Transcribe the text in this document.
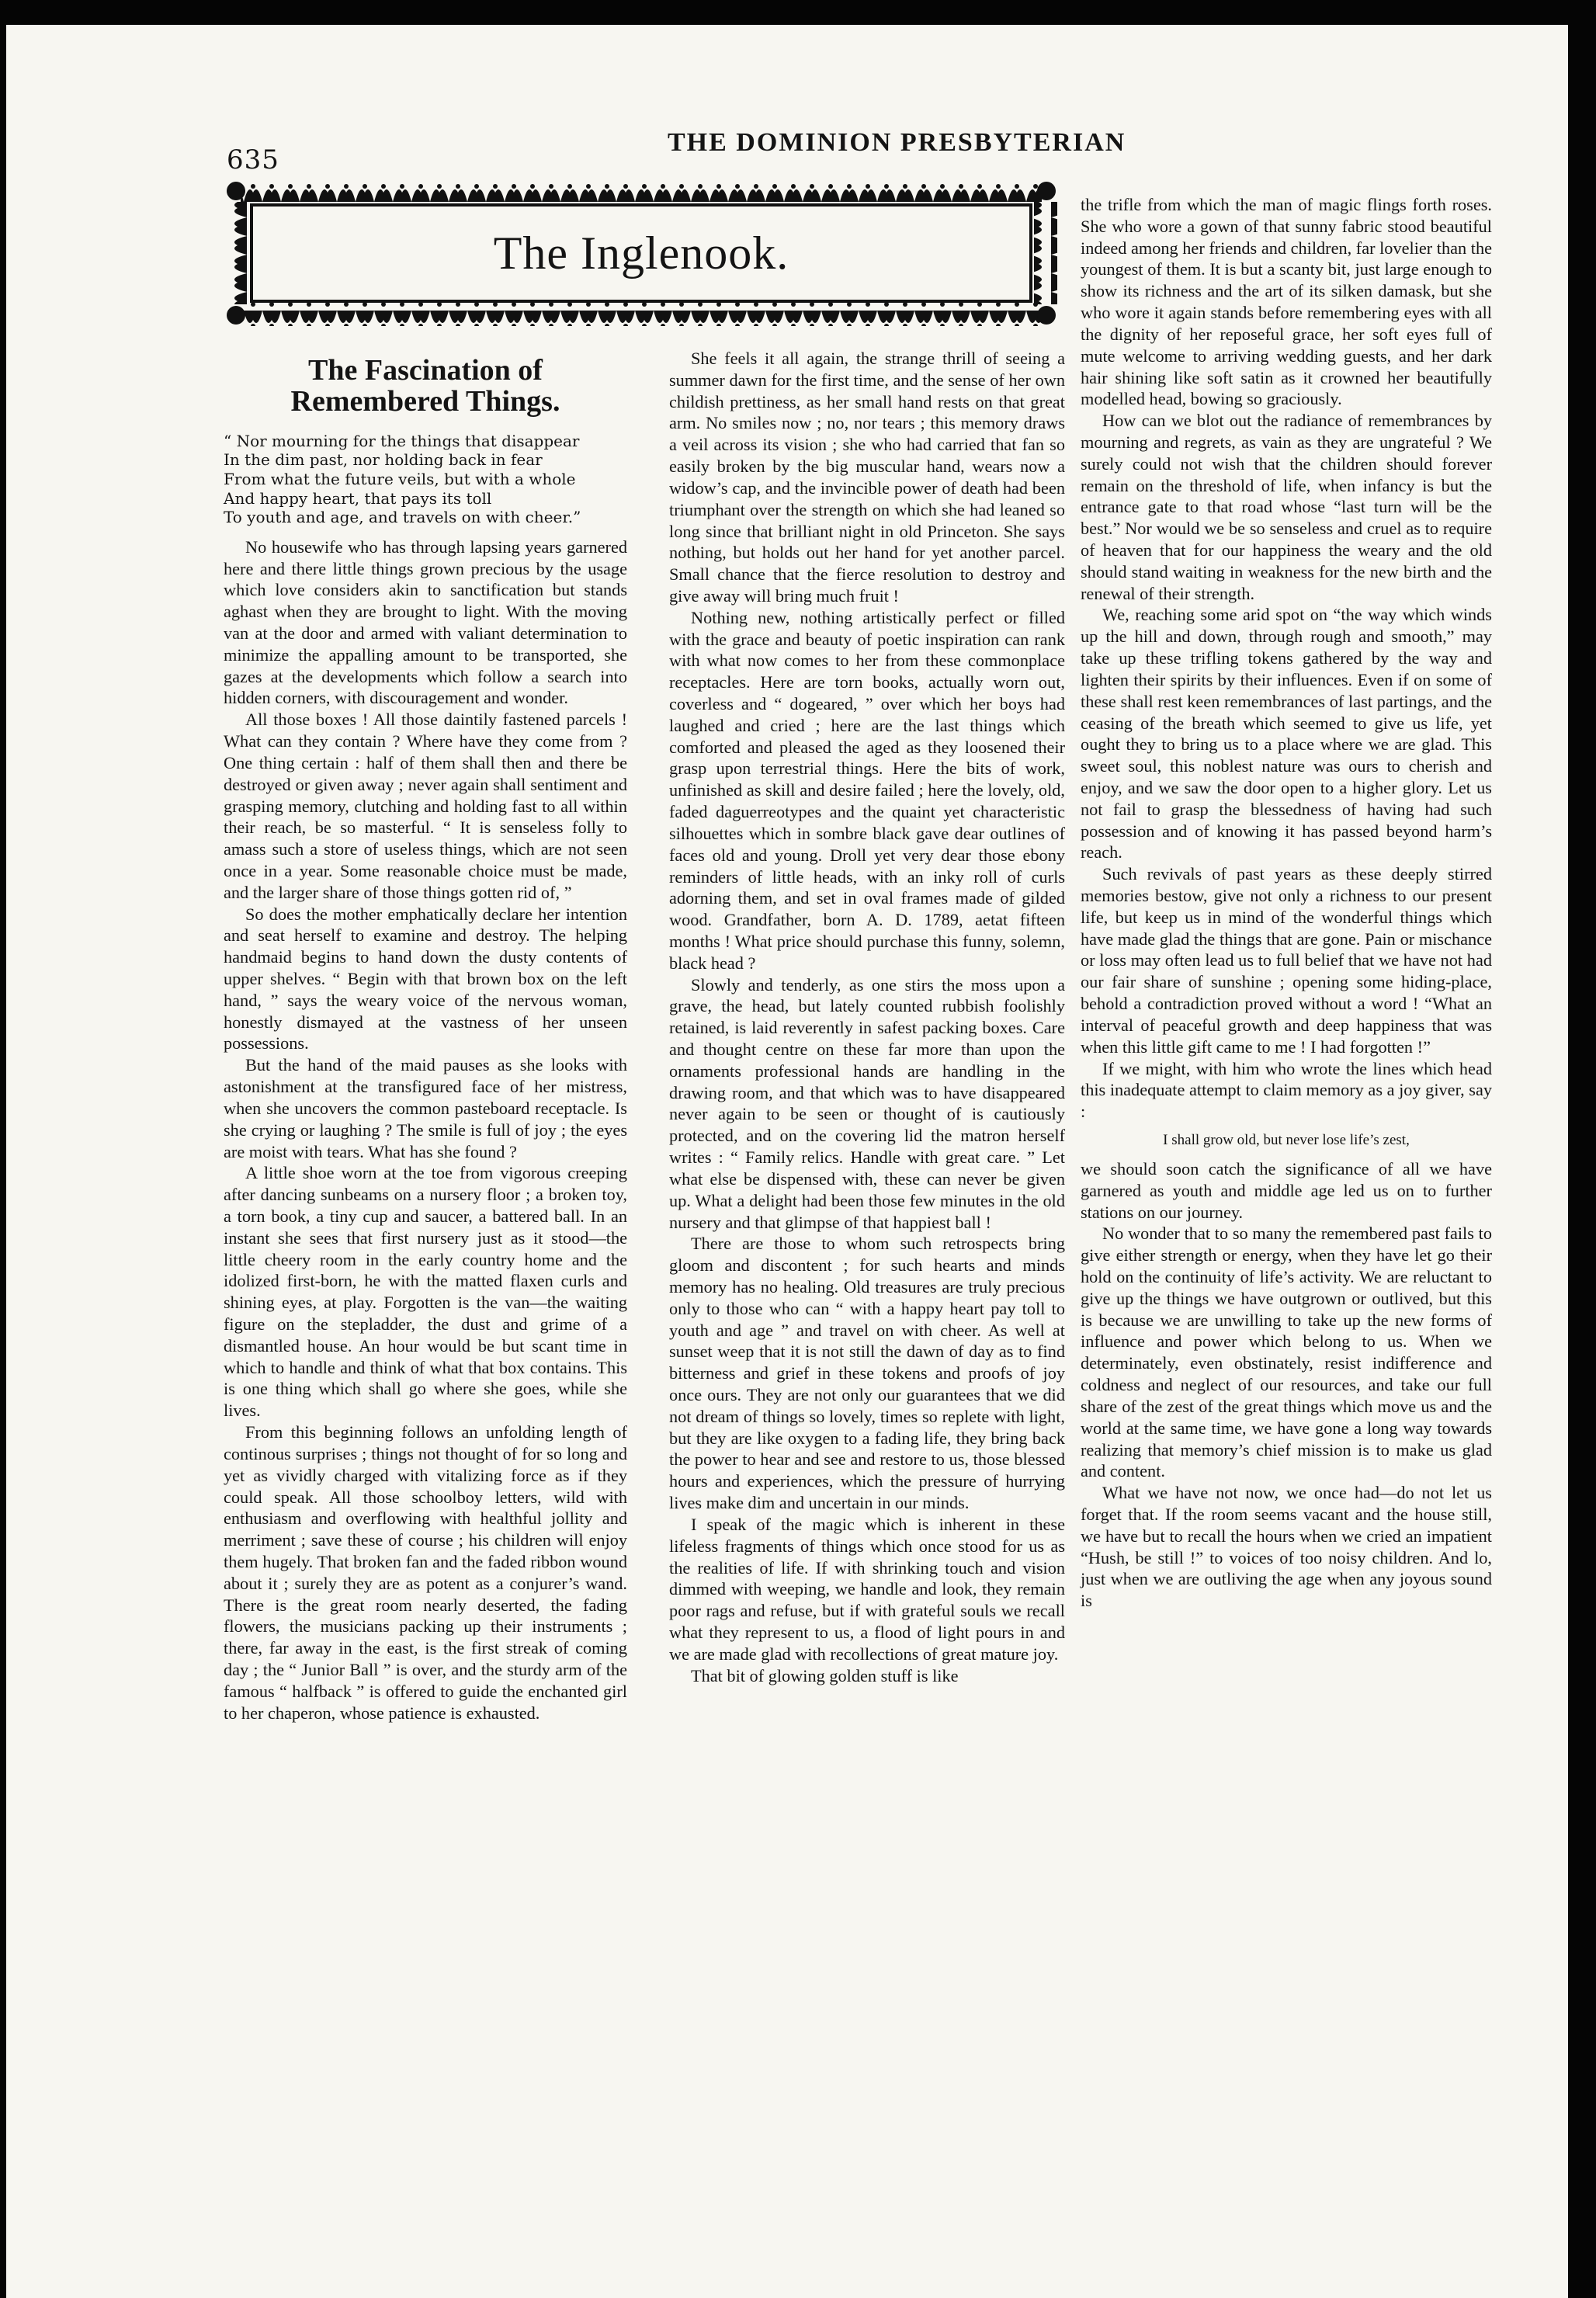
635
THE DOMINION PRESBYTERIAN
The Inglenook.
The Fascination of Remembered Things.
“ Nor mourning for the things that disappear
In the dim past, nor holding back in fear
From what the future veils, but with a whole
And happy heart, that pays its toll
To youth and age, and travels on with cheer.”

No housewife who has through lapsing years garnered here and there little things grown precious by the usage which love considers akin to sanctification but stands aghast when they are brought to light. With the moving van at the door and armed with valiant determination to minimize the appalling amount to be transported, she gazes at the developments which follow a search into hidden corners, with discouragement and wonder.

All those boxes ! All those daintily fastened parcels ! What can they contain ? Where have they come from ? One thing certain : half of them shall then and there be destroyed or given away ; never again shall sentiment and grasping memory, clutching and holding fast to all within their reach, be so masterful. “ It is senseless folly to amass such a store of useless things, which are not seen once in a year. Some reasonable choice must be made, and the larger share of those things gotten rid of, ”

So does the mother emphatically declare her intention and seat herself to examine and destroy. The helping handmaid begins to hand down the dusty contents of upper shelves. “ Begin with that brown box on the left hand, ” says the weary voice of the nervous woman, honestly dismayed at the vastness of her unseen possessions.

But the hand of the maid pauses as she looks with astonishment at the transfigured face of her mistress, when she uncovers the common pasteboard receptacle. Is she crying or laughing ? The smile is full of joy ; the eyes are moist with tears. What has she found ?

A little shoe worn at the toe from vigorous creeping after dancing sunbeams on a nursery floor ; a broken toy, a torn book, a tiny cup and saucer, a battered ball. In an instant she sees that first nursery just as it stood—the little cheery room in the early country home and the idolized first-born, he with the matted flaxen curls and shining eyes, at play. Forgotten is the van—the waiting figure on the stepladder, the dust and grime of a dismantled house. An hour would be but scant time in which to handle and think of what that box contains. This is one thing which shall go where she goes, while she lives.

From this beginning follows an unfolding length of continous surprises ; things not thought of for so long and yet as vividly charged with vitalizing force as if they could speak. All those schoolboy letters, wild with enthusiasm and overflowing with healthful jollity and merriment ; save these of course ; his children will enjoy them hugely. That broken fan and the faded ribbon wound about it ; surely they are as potent as a conjurer’s wand. There is the great room nearly deserted, the fading flowers, the musicians packing up their instruments ; there, far away in the east, is the first streak of coming day ; the “ Junior Ball ” is over, and the sturdy arm of the famous “ halfback ” is offered to guide the enchanted girl to her chaperon, whose patience is exhausted.

She feels it all again, the strange thrill of seeing a summer dawn for the first time, and the sense of her own childish prettiness, as her small hand rests on that great arm. No smiles now ; no, nor tears ; this memory draws a veil across its vision ; she who had carried that fan so easily broken by the big muscular hand, wears now a widow’s cap, and the invincible power of death had been triumphant over the strength on which she had leaned so long since that brilliant night in old Princeton. She says nothing, but holds out her hand for yet another parcel. Small chance that the fierce resolution to destroy and give away will bring much fruit !

Nothing new, nothing artistically perfect or filled with the grace and beauty of poetic inspiration can rank with what now comes to her from these commonplace receptacles. Here are torn books, actually worn out, coverless and “ dogeared, ” over which her boys had laughed and cried ; here are the last things which comforted and pleased the aged as they loosened their grasp upon terrestrial things. Here the bits of work, unfinished as skill and desire failed ; here the lovely, old, faded daguerreotypes and the quaint yet characteristic silhouettes which in sombre black gave dear outlines of faces old and young. Droll yet very dear those ebony reminders of little heads, with an inky roll of curls adorning them, and set in oval frames made of gilded wood. Grandfather, born A. D. 1789, aetat fifteen months ! What price should purchase this funny, solemn, black head ?

Slowly and tenderly, as one stirs the moss upon a grave, the head, but lately counted rubbish foolishly retained, is laid reverently in safest packing boxes. Care and thought centre on these far more than upon the ornaments professional hands are handling in the drawing room, and that which was to have disappeared never again to be seen or thought of is cautiously protected, and on the covering lid the matron herself writes : “ Family relics. Handle with great care. ” Let what else be dispensed with, these can never be given up. What a delight had been those few minutes in the old nursery and that glimpse of that happiest ball !

There are those to whom such retrospects bring gloom and discontent ; for such hearts and minds memory has no healing. Old treasures are truly precious only to those who can “ with a happy heart pay toll to youth and age ” and travel on with cheer. As well at sunset weep that it is not still the dawn of day as to find bitterness and grief in these tokens and proofs of joy once ours. They are not only our guarantees that we did not dream of things so lovely, times so replete with light, but they are like oxygen to a fading life, they bring back the power to hear and see and restore to us, those blessed hours and experiences, which the pressure of hurrying lives make dim and uncertain in our minds.

I speak of the magic which is inherent in these lifeless fragments of things which once stood for us as the realities of life. If with shrinking touch and vision dimmed with weeping, we handle and look, they remain poor rags and refuse, but if with grateful souls we recall what they represent to us, a flood of light pours in and we are made glad with recollections of great mature joy.

That bit of glowing golden stuff is like

the trifle from which the man of magic flings forth roses. She who wore a gown of that sunny fabric stood beautiful indeed among her friends and children, far lovelier than the youngest of them. It is but a scanty bit, just large enough to show its richness and the art of its silken damask, but she who wore it again stands before remembering eyes with all the dignity of her reposeful grace, her soft eyes full of mute welcome to arriving wedding guests, and her dark hair shining like soft satin as it crowned her beautifully modelled head, bowing so graciously.

How can we blot out the radiance of remembrances by mourning and regrets, as vain as they are ungrateful ? We surely could not wish that the children should forever remain on the threshold of life, when infancy is but the entrance gate to that road whose “last turn will be the best.” Nor would we be so senseless and cruel as to require of heaven that for our happiness the weary and the old should stand waiting in weakness for the new birth and the renewal of their strength.

We, reaching some arid spot on “the way which winds up the hill and down, through rough and smooth,” may take up these trifling tokens gathered by the way and lighten their spirits by their influences. Even if on some of these shall rest keen remembrances of last partings, and the ceasing of the breath which seemed to give us life, yet ought they to bring us to a place where we are glad. This sweet soul, this noblest nature was ours to cherish and enjoy, and we saw the door open to a higher glory. Let us not fail to grasp the blessedness of having had such possession and of knowing it has passed beyond harm’s reach.

Such revivals of past years as these deeply stirred memories bestow, give not only a richness to our present life, but keep us in mind of the wonderful things which have made glad the things that are gone. Pain or mischance or loss may often lead us to full belief that we have not had our fair share of sunshine ; opening some hiding-place, behold a contradiction proved without a word ! “What an interval of peaceful growth and deep happiness that was when this little gift came to me ! I had forgotten !”

If we might, with him who wrote the lines which head this inadequate attempt to claim memory as a joy giver, say :

I shall grow old, but never lose life’s zest,

we should soon catch the significance of all we have garnered as youth and middle age led us on to further stations on our journey.

No wonder that to so many the remembered past fails to give either strength or energy, when they have let go their hold on the continuity of life’s activity. We are reluctant to give up the things we have outgrown or outlived, but this is because we are unwilling to take up the new forms of influence and power which belong to us. When we determinately, even obstinately, resist indifference and coldness and neglect of our resources, and take our full share of the zest of the great things which move us and the world at the same time, we have gone a long way towards realizing that memory’s chief mission is to make us glad and content.

What we have not now, we once had—do not let us forget that. If the room seems vacant and the house still, we have but to recall the hours when we cried an impatient “Hush, be still !” to voices of too noisy children. And lo, just when we are outliving the age when any joyous sound is
